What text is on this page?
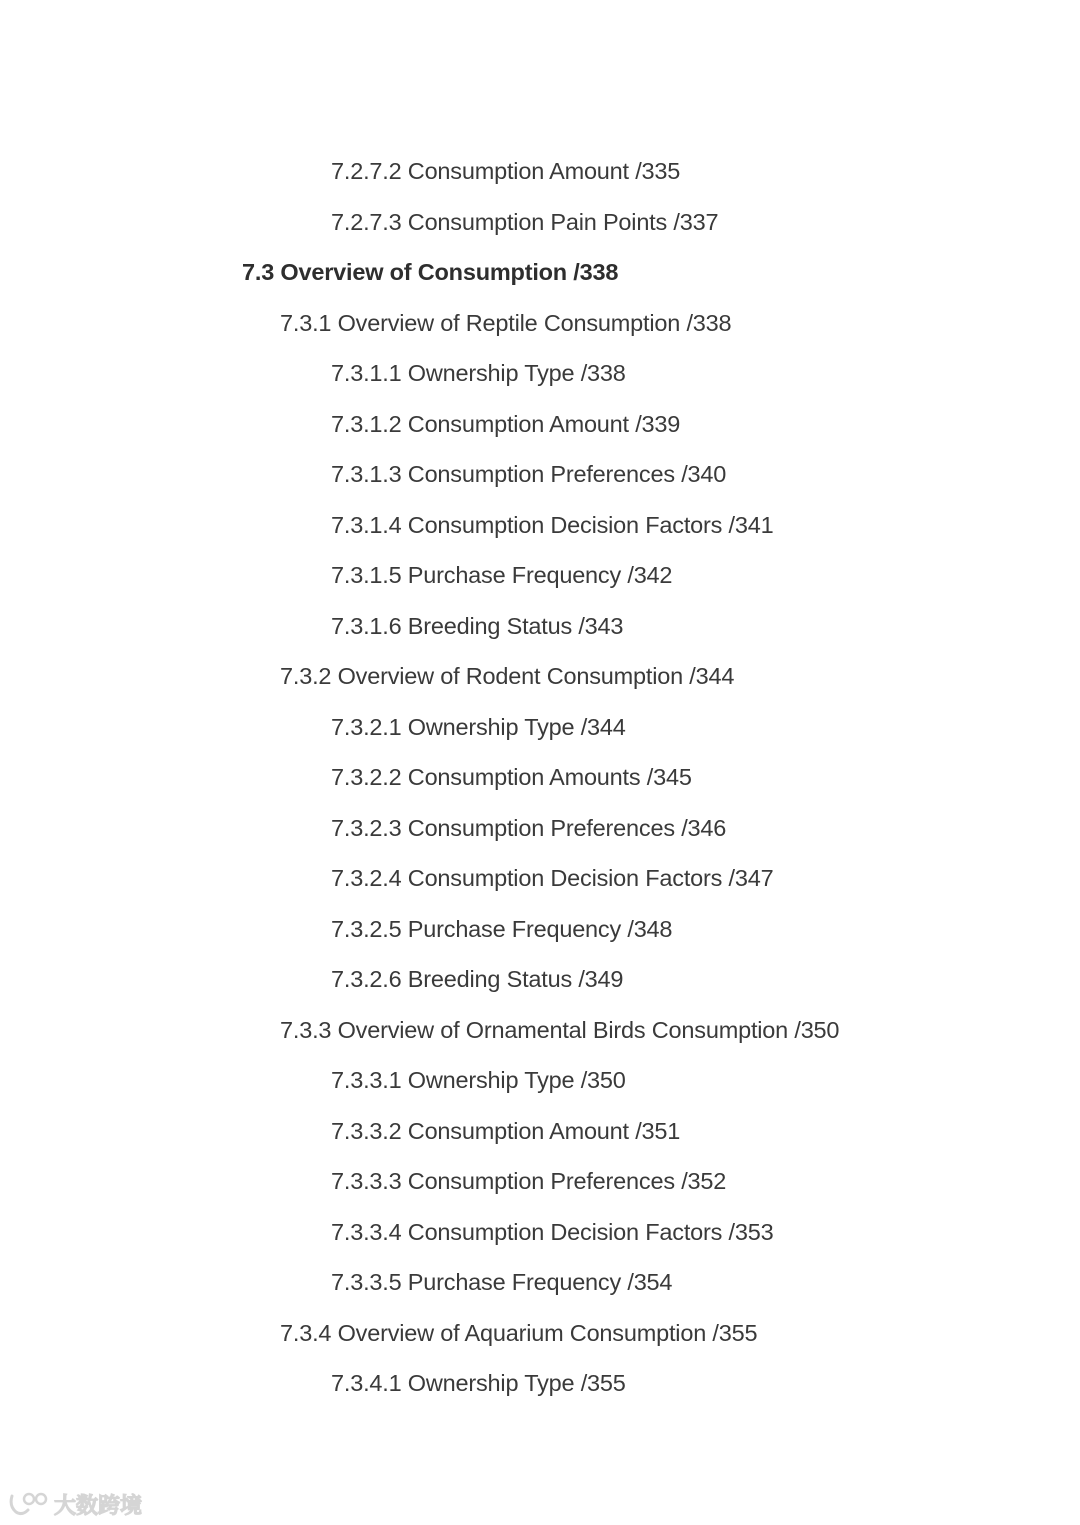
7.2.7.2 Consumption Amount /335
7.2.7.3 Consumption Pain Points /337
7.3 Overview of Consumption /338
7.3.1 Overview of Reptile Consumption /338
7.3.1.1 Ownership Type /338
7.3.1.2 Consumption Amount /339
7.3.1.3 Consumption Preferences /340
7.3.1.4 Consumption Decision Factors /341
7.3.1.5 Purchase Frequency /342
7.3.1.6 Breeding Status /343
7.3.2 Overview of Rodent Consumption /344
7.3.2.1 Ownership Type /344
7.3.2.2 Consumption Amounts /345
7.3.2.3 Consumption Preferences /346
7.3.2.4 Consumption Decision Factors /347
7.3.2.5 Purchase Frequency /348
7.3.2.6 Breeding Status /349
7.3.3 Overview of Ornamental Birds Consumption /350
7.3.3.1 Ownership Type /350
7.3.3.2 Consumption Amount /351
7.3.3.3 Consumption Preferences /352
7.3.3.4 Consumption Decision Factors /353
7.3.3.5 Purchase Frequency /354
7.3.4 Overview of Aquarium Consumption /355
7.3.4.1 Ownership Type /355
大数跨境
